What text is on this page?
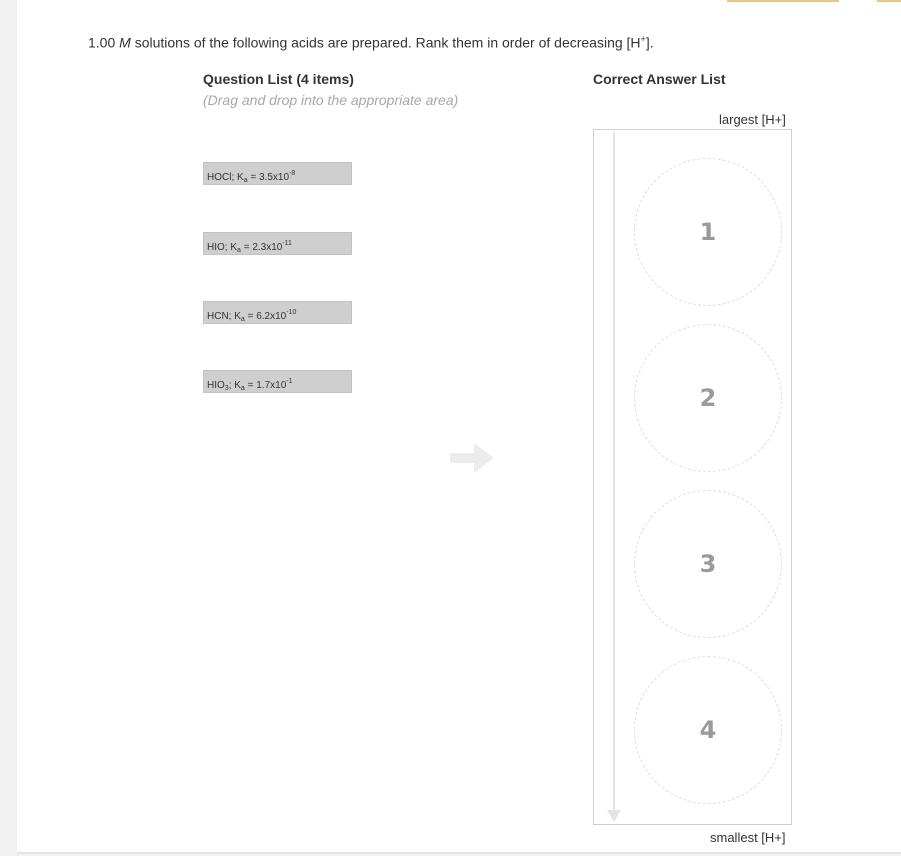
1.00 M solutions of the following acids are prepared. Rank them in order of decreasing [H+].
Question List (4 items)
(Drag and drop into the appropriate area)
Correct Answer List
HOCl; $K_a = 3.5x10^{-8}$
HIO; $K_a = 2.3x10^{-11}$
HCN; $K_a = 6.2x10^{-10}$
$HIO_3$; $K_a = 1.7x10^{-1}$
largest [H+]
1
2
3
4
smallest [H+]
